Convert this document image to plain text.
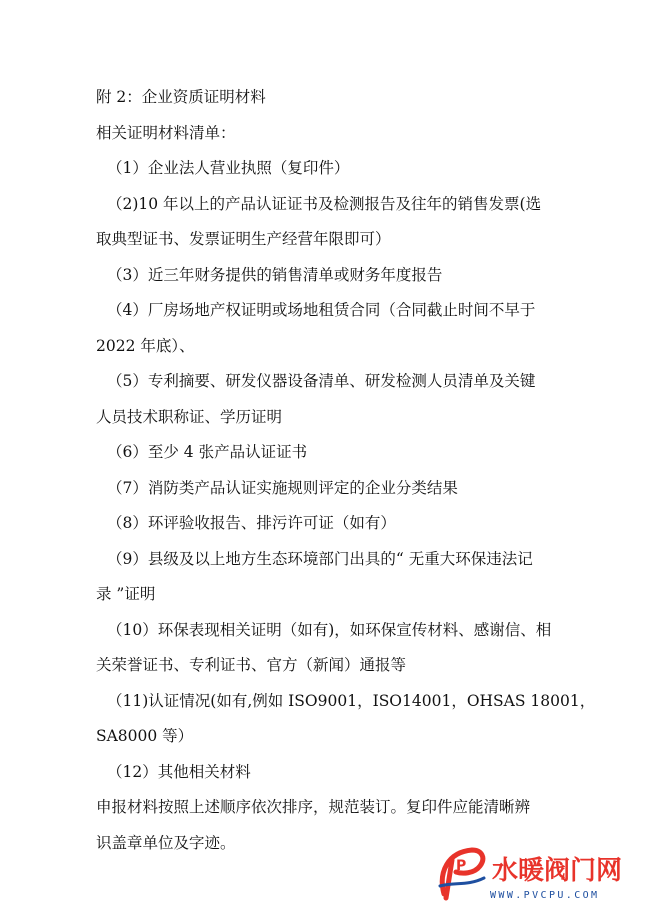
附 2：企业资质证明材料
相关证明材料清单：
（1）企业法人营业执照（复印件）
（2)10 年以上的产品认证证书及检测报告及往年的销售发票(选
取典型证书、发票证明生产经营年限即可）
（3）近三年财务提供的销售清单或财务年度报告
（4）厂房场地产权证明或场地租赁合同（合同截止时间不早于
2022 年底）、
（5）专利摘要、研发仪器设备清单、研发检测人员清单及关键
人员技术职称证、学历证明
（6）至少 4 张产品认证证书
（7）消防类产品认证实施规则评定的企业分类结果
（8）环评验收报告、排污许可证（如有）
（9）县级及以上地方生态环境部门出具的“ 无重大环保违法记
录 ”证明
（10）环保表现相关证明（如有)，如环保宣传材料、感谢信、相
关荣誉证书、专利证书、官方（新闻）通报等
（11)认证情况(如有,例如 ISO9001，ISO14001，OHSAS 18001，
SA8000 等）
（12）其他相关材料
申报材料按照上述顺序依次排序，规范装订。复印件应能清晰辨
识盖章单位及字迹。
P 水暖阀门网
WWW.PVCPU.COM
